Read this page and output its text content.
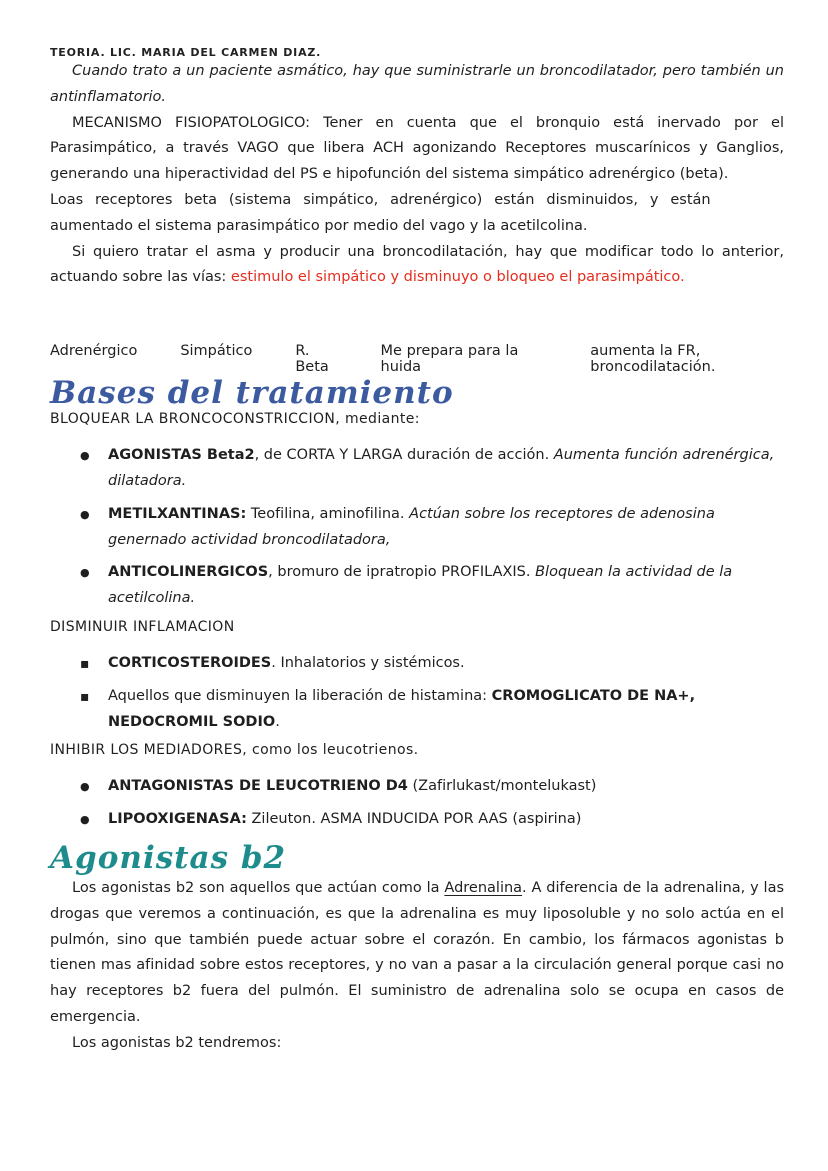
TEORIA. LIC. MARIA DEL CARMEN DIAZ.

Cuando trato a un paciente asmático, hay que suministrarle un broncodilatador, pero también un antinflamatorio.

MECANISMO FISIOPATOLOGICO: Tener en cuenta que el bronquio está inervado por el Parasimpático, a través VAGO que libera ACH agonizando Receptores muscarínicos y Ganglios, generando una hiperactividad del PS e hipofunción del sistema simpático adrenérgico (beta).

Loas receptores beta (sistema simpático, adrenérgico) están disminuidos, y están aumentado el sistema parasimpático por medio del vago y la acetilcolina.

Si quiero tratar el asma y producir una broncodilatación, hay que modificar todo lo anterior, actuando sobre las vías: estimulo el simpático y disminuyo o bloqueo el parasimpático.

Adrenérgico	Simpático	R. Beta
Me prepara para la huida
aumenta la FR, broncodilatación.
Bases del tratamiento

BLOQUEAR LA BRONCOCONSTRICCION, mediante:

● AGONISTAS Beta2, de CORTA Y LARGA duración de acción. Aumenta función adrenérgica, dilatadora.
● METILXANTINAS: Teofilina, aminofilina. Actúan sobre los receptores de adenosina genernado actividad broncodilatadora,
● ANTICOLINERGICOS, bromuro de ipratropio PROFILAXIS. Bloquean la actividad de la acetilcolina.

DISMINUIR INFLAMACION

▪ CORTICOSTEROIDES. Inhalatorios y sistémicos.
▪ Aquellos que disminuyen la liberación de histamina: CROMOGLICATO DE NA+, NEDOCROMIL SODIO.

INHIBIR LOS MEDIADORES, como los leucotrienos.

● ANTAGONISTAS DE LEUCOTRIENO D4 (Zafirlukast/montelukast)
● LIPOOXIGENASA: Zileuton. ASMA INDUCIDA POR AAS (aspirina)
Agonistas b2

Los agonistas b2 son aquellos que actúan como la Adrenalina. A diferencia de la adrenalina, y las drogas que veremos a continuación, es que la adrenalina es muy liposoluble y no solo actúa en el pulmón, sino que también puede actuar sobre el corazón. En cambio, los fármacos agonistas b tienen mas afinidad sobre estos receptores, y no van a pasar a la circulación general porque casi no hay receptores b2 fuera del pulmón. El suministro de adrenalina solo se ocupa en casos de emergencia.

Los agonistas b2 tendremos:
